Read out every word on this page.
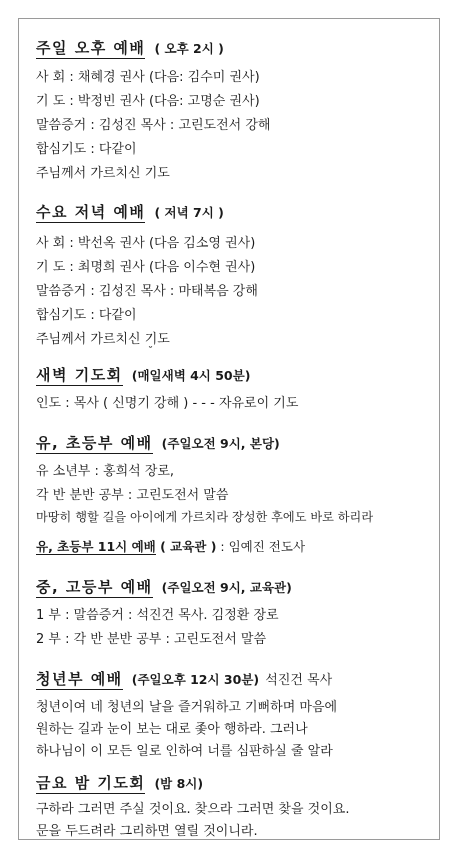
주일 오후 예배 ( 오후 2시 )
사 회 : 채혜경 권사 (다음: 김수미 권사)
기 도 : 박정빈 권사 (다음: 고명순 권사)
말씀증거 : 김성진 목사 : 고린도전서 강해
합심기도 : 다같이
주님께서 가르치신 기도
수요 저녁 예배 ( 저녁 7시 )
사 회 : 박선옥 권사 (다음 김소영 권사)
기 도 : 최명희 권사 (다음 이수현 권사)
말씀증거 : 김성진 목사 : 마태복음 강해
합심기도 : 다같이
주님께서 가르치신 기도
˘
새벽 기도회 (매일새벽 4시 50분)
인도 : 목사 ( 신명기 강해 ) - - - 자유로이 기도
유, 초등부 예배 (주일오전 9시, 본당)
유 소년부 : 홍희석 장로,
각 반 분반 공부 : 고린도전서 말씀
마땅히 행할 길을 아이에게 가르치라 장성한 후에도 바로 하리라
유, 초등부 11시 예배 ( 교육관 ) : 임예진 전도사
중, 고등부 예배 (주일오전 9시, 교육관)
1 부 : 말씀증거 : 석진건 목사. 김정환 장로
2 부 : 각 반 분반 공부 : 고린도전서 말씀
청년부 예배 (주일오후 12시 30분) 석진건 목사
청년이여 네 청년의 날을 즐거워하고 기뻐하며 마음에
원하는 길과 눈이 보는 대로 좇아 행하라. 그러나
하나님이 이 모든 일로 인하여 너를 심판하실 줄 알라
금요 밤 기도회 (밤 8시)
구하라 그러면 주실 것이요. 찾으라 그러면 찾을 것이요.
문을 두드려라 그리하면 열릴 것이니라.
